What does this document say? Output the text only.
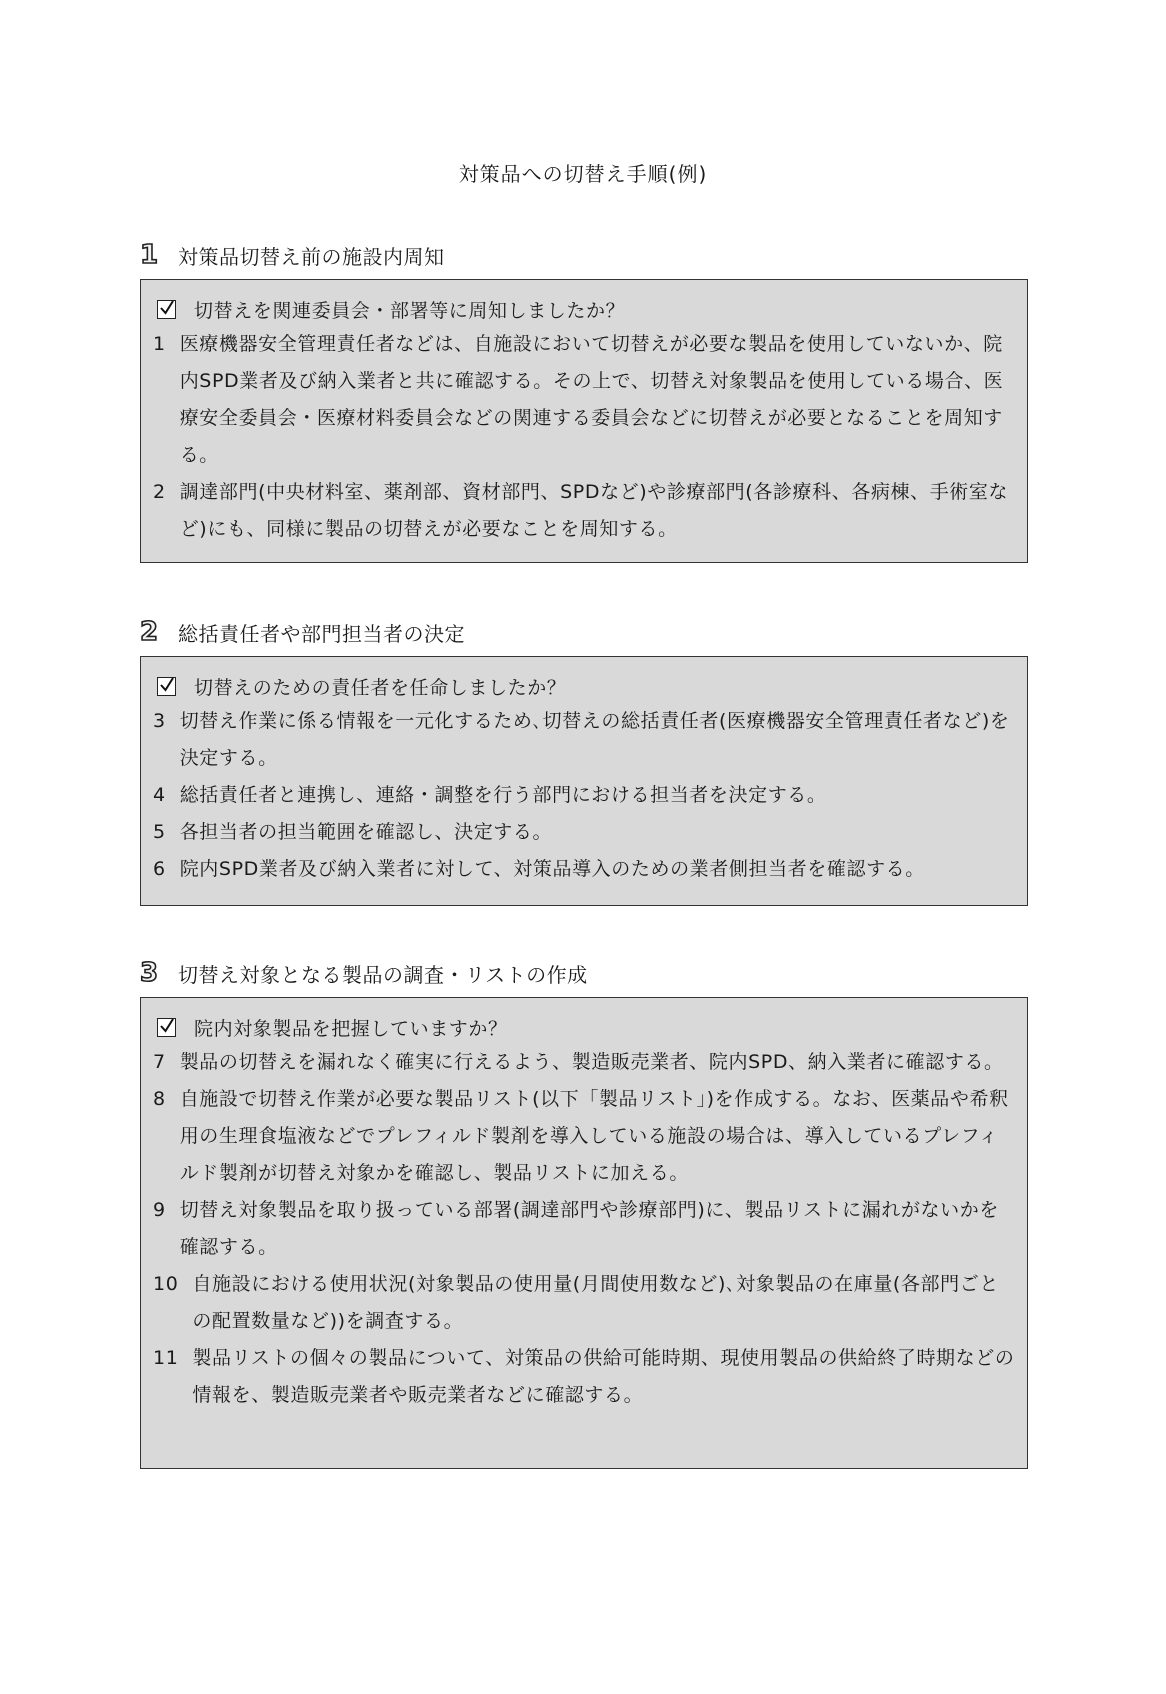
対策品への切替え手順(例)
1 対策品切替え前の施設内周知
切替えを関連委員会・部署等に周知しましたか？
1 医療機器安全管理責任者などは、自施設において切替えが必要な製品を使用していないか、院内SPD業者及び納入業者と共に確認する。その上で、切替え対象製品を使用している場合、医療安全委員会・医療材料委員会などの関連する委員会などに切替えが必要となることを周知する。
2 調達部門(中央材料室、薬剤部、資材部門、SPDなど)や診療部門(各診療科、各病棟、手術室など)にも、同様に製品の切替えが必要なことを周知する。
2 総括責任者や部門担当者の決定
切替えのための責任者を任命しましたか？
3 切替え作業に係る情報を一元化するため､切替えの総括責任者(医療機器安全管理責任者など)を決定する。
4 総括責任者と連携し、連絡・調整を行う部門における担当者を決定する。
5 各担当者の担当範囲を確認し、決定する。
6 院内SPD業者及び納入業者に対して、対策品導入のための業者側担当者を確認する。
3 切替え対象となる製品の調査・リストの作成
院内対象製品を把握していますか？
7 製品の切替えを漏れなく確実に行えるよう、製造販売業者、院内SPD、納入業者に確認する。
8 自施設で切替え作業が必要な製品リスト(以下「製品リスト」)を作成する。なお、医薬品や希釈用の生理食塩液などでプレフィルド製剤を導入している施設の場合は、導入しているプレフィルド製剤が切替え対象かを確認し、製品リストに加える。
9 切替え対象製品を取り扱っている部署(調達部門や診療部門)に、製品リストに漏れがないかを確認する。
10 自施設における使用状況(対象製品の使用量(月間使用数など)､対象製品の在庫量(各部門ごとの配置数量など))を調査する。
11 製品リストの個々の製品について、対策品の供給可能時期、現使用製品の供給終了時期などの情報を、製造販売業者や販売業者などに確認する。
